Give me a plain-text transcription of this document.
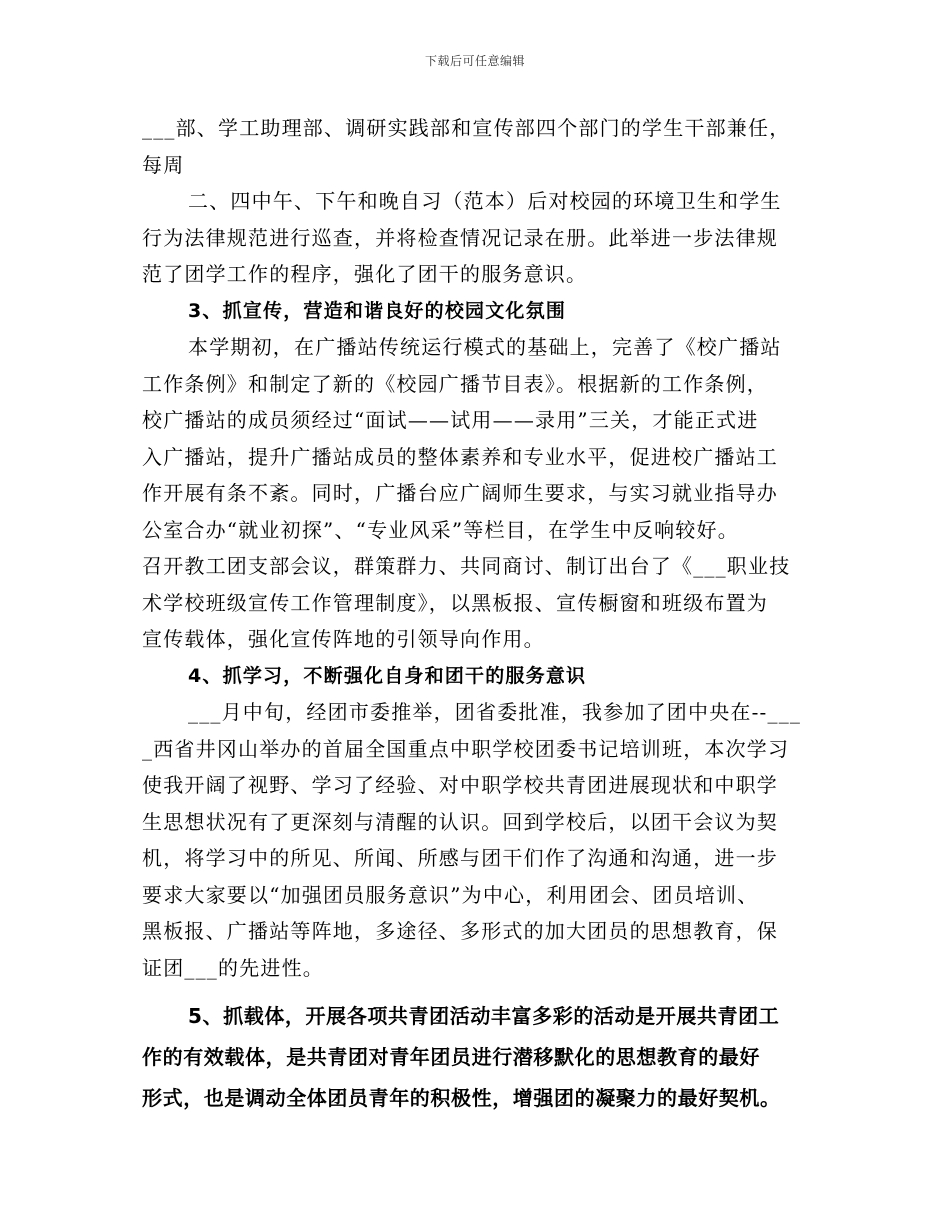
下载后可任意编辑
___部、学工助理部、调研实践部和宣传部四个部门的学生干部兼任，
每周
二、四中午、下午和晚自习（范本）后对校园的环境卫生和学生
行为法律规范进行巡查，并将检查情况记录在册。此举进一步法律规
范了团学工作的程序，强化了团干的服务意识。
3、抓宣传，营造和谐良好的校园文化氛围
本学期初，在广播站传统运行模式的基础上，完善了《校广播站
工作条例》和制定了新的《校园广播节目表》。根据新的工作条例，
校广播站的成员须经过“面试——试用——录用”三关，才能正式进
入广播站，提升广播站成员的整体素养和专业水平，促进校广播站工
作开展有条不紊。同时，广播台应广阔师生要求，与实习就业指导办
公室合办“就业初探”、“专业风采”等栏目，在学生中反响较好。
召开教工团支部会议，群策群力、共同商讨、制订出台了《___职业技
术学校班级宣传工作管理制度》，以黑板报、宣传橱窗和班级布置为
宣传载体，强化宣传阵地的引领导向作用。
4、抓学习，不断强化自身和团干的服务意识
___月中旬，经团市委推举，团省委批准，我参加了团中央在--___
_西省井冈山举办的首届全国重点中职学校团委书记培训班，本次学习
使我开阔了视野、学习了经验、对中职学校共青团进展现状和中职学
生思想状况有了更深刻与清醒的认识。回到学校后，以团干会议为契
机，将学习中的所见、所闻、所感与团干们作了沟通和沟通，进一步
要求大家要以“加强团员服务意识”为中心，利用团会、团员培训、
黑板报、广播站等阵地，多途径、多形式的加大团员的思想教育，保
证团___的先进性。
5、抓载体，开展各项共青团活动丰富多彩的活动是开展共青团工
作的有效载体，是共青团对青年团员进行潜移默化的思想教育的最好
形式，也是调动全体团员青年的积极性，增强团的凝聚力的最好契机。
